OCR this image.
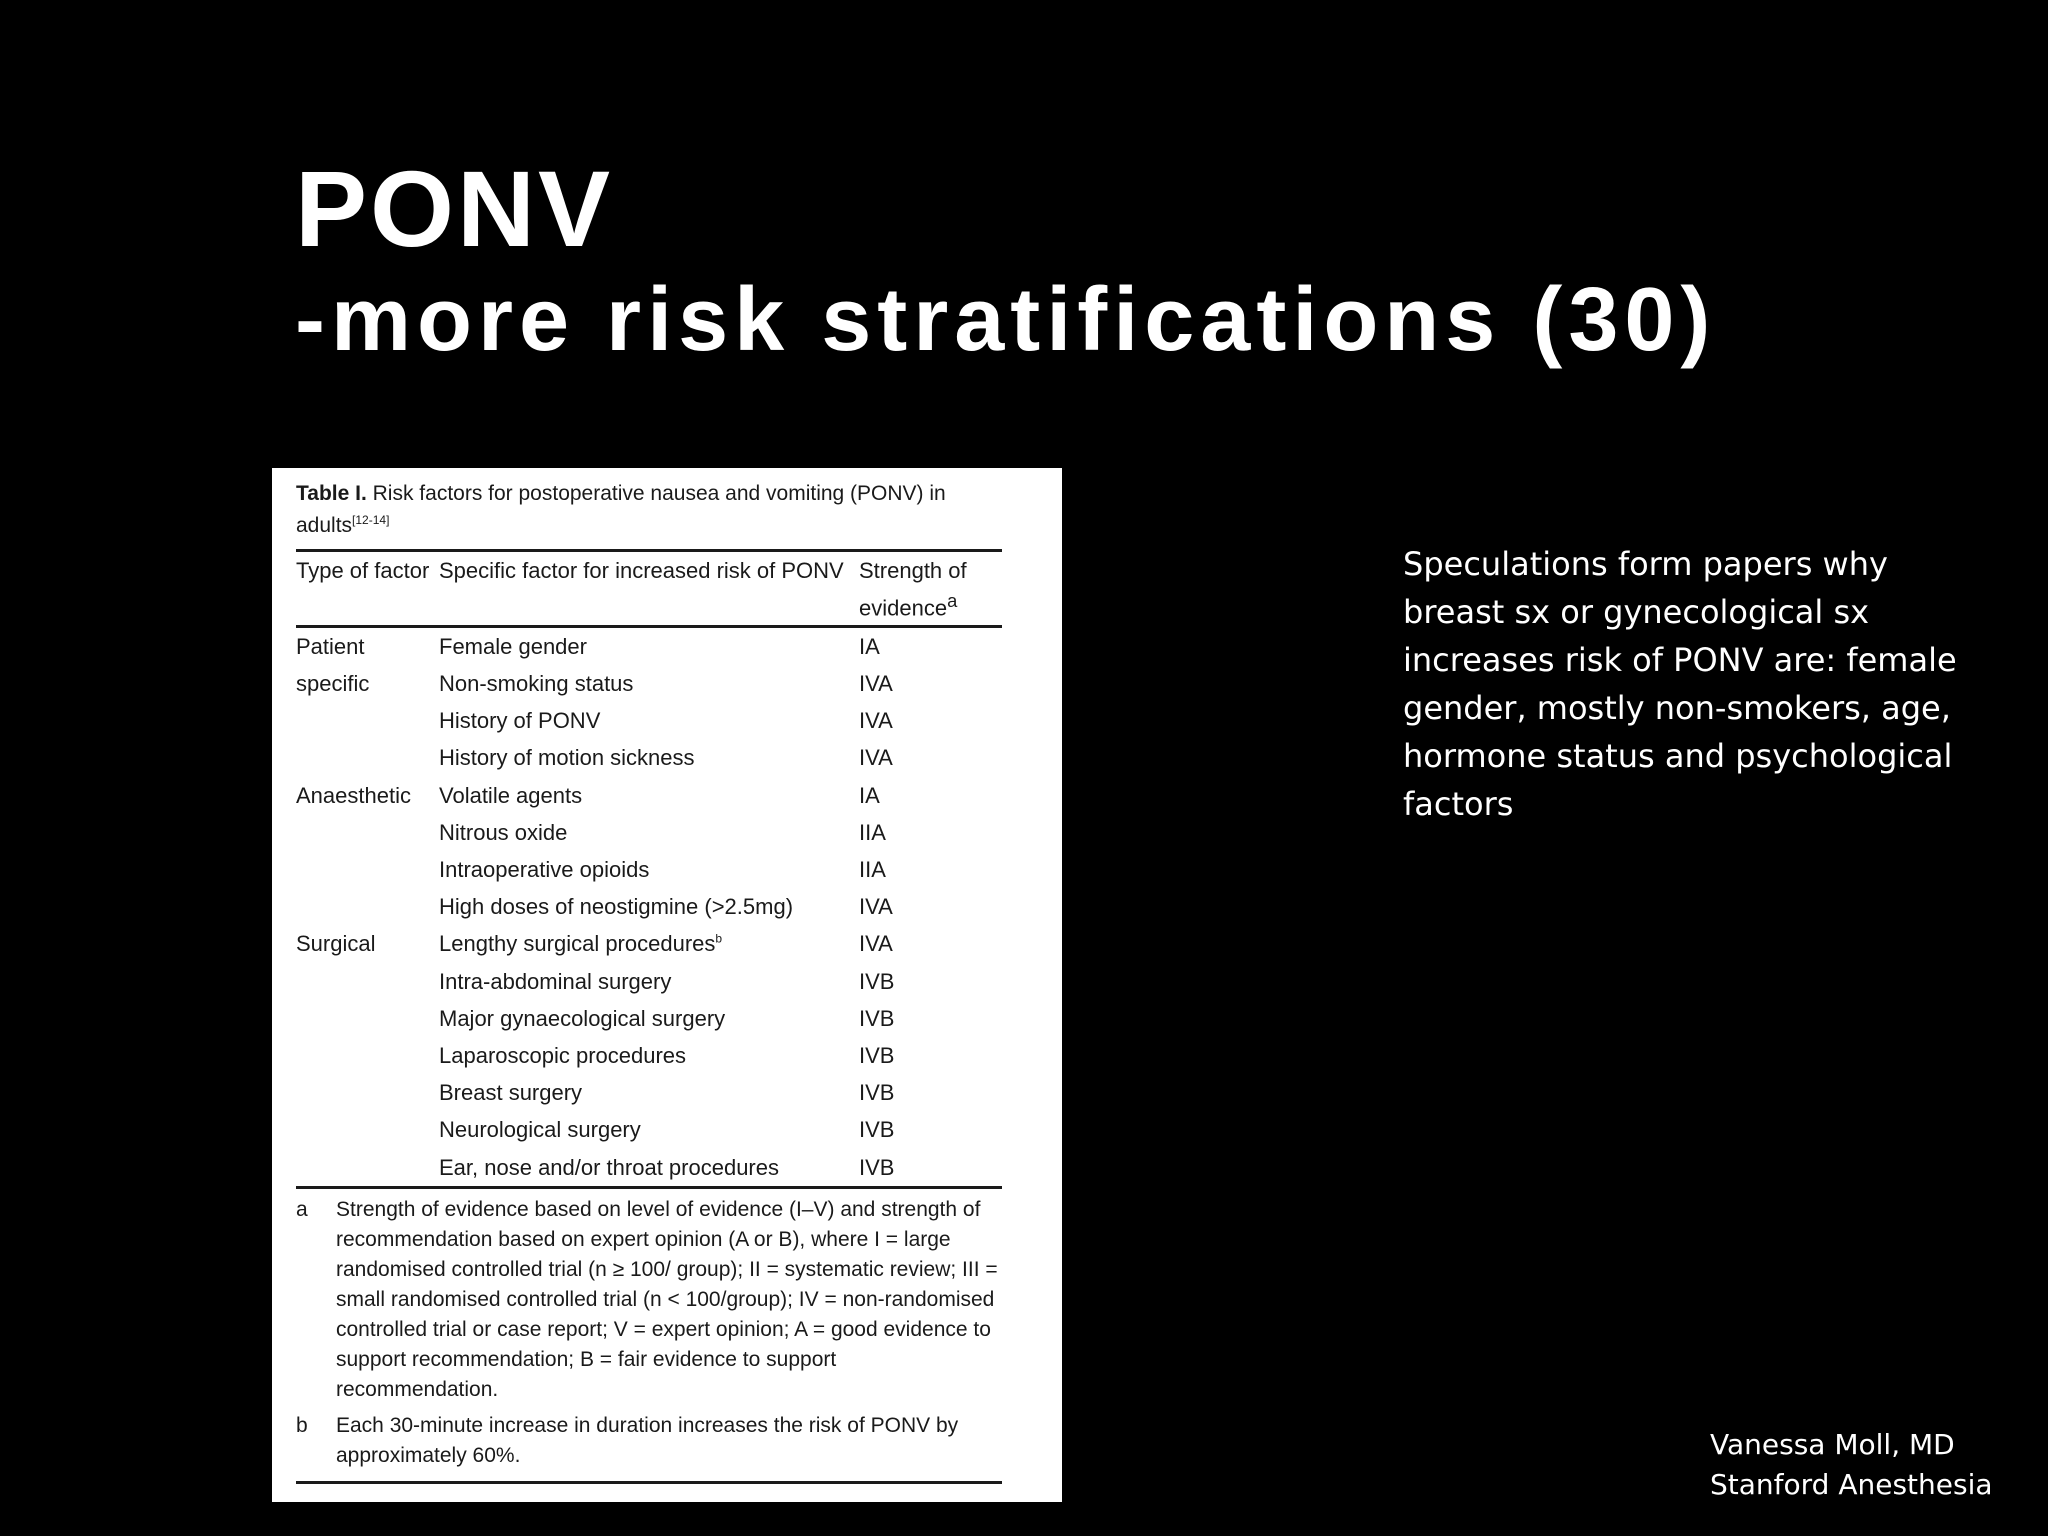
PONV
-more risk stratifications (30)

Table I. Risk factors for postoperative nausea and vomiting (PONV) in adults[12-14]

Type of factor	Specific factor for increased risk of PONV	Strength of evidence$^a$
Patient	Female gender	IA
specific	Non-smoking status	IVA
	History of PONV	IVA
	History of motion sickness	IVA
Anaesthetic	Volatile agents	IA
	Nitrous oxide	IIA
	Intraoperative opioids	IIA
	High doses of neostigmine (>2.5mg)	IVA
Surgical	Lengthy surgical procedures$^b$	IVA
	Intra-abdominal surgery	IVB
	Major gynaecological surgery	IVB
	Laparoscopic procedures	IVB
	Breast surgery	IVB
	Neurological surgery	IVB
	Ear, nose and/or throat procedures	IVB
a	Strength of evidence based on level of evidence (I–V) and strength of recommendation based on expert opinion (A or B), where I = large randomised controlled trial (n ≥ 100/ group); II = systematic review; III = small randomised controlled trial (n < 100/group); IV = non-randomised controlled trial or case report; V = expert opinion; A = good evidence to support recommendation; B = fair evidence to support recommendation.
b	Each 30-minute increase in duration increases the risk of PONV by approximately 60%.

Speculations form papers why breast sx or gynecological sx increases risk of PONV are: female gender, mostly non-smokers, age, hormone status and psychological factors

Vanessa Moll, MD
Stanford Anesthesia
